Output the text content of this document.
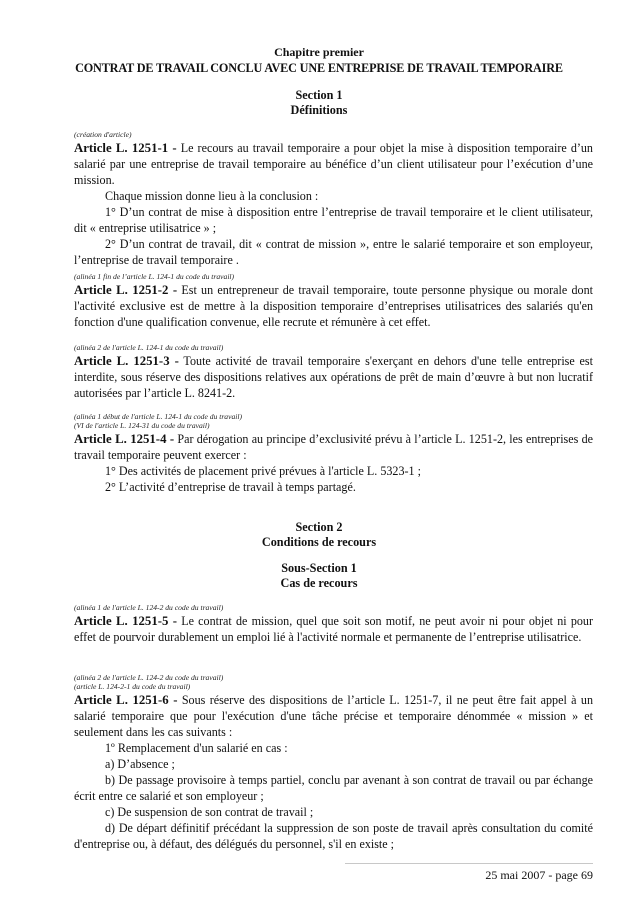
Chapitre premier
CONTRAT DE TRAVAIL CONCLU AVEC UNE ENTREPRISE DE TRAVAIL TEMPORAIRE
Section 1
Définitions
(création d'article)

Article L. 1251-1 - Le recours au travail temporaire a pour objet la mise à disposition temporaire d’un salarié par une entreprise de travail temporaire au bénéfice d’un client utilisateur pour l’exécution d’une mission.

Chaque mission donne lieu à la conclusion :

1° D’un contrat de mise à disposition entre l’entreprise de travail temporaire et le client utilisateur, dit « entreprise utilisatrice » ;

2° D’un contrat de travail, dit « contrat de mission », entre le salarié temporaire et son employeur, l’entreprise de travail temporaire .

(alinéa 1 fin de l’article L. 124-1 du code du travail)

Article L. 1251-2 - Est un entrepreneur de travail temporaire, toute personne physique ou morale dont l'activité exclusive est de mettre à la disposition temporaire d’entreprises utilisatrices des salariés qu'en fonction d'une qualification convenue, elle recrute et rémunère à cet effet.

(alinéa 2 de l'article L. 124-1 du code du travail)

Article L. 1251-3 - Toute activité de travail temporaire s'exerçant en dehors d'une telle entreprise est interdite, sous réserve des dispositions relatives aux opérations de prêt de main d’œuvre à but non lucratif autorisées par l’article L. 8241-2.

(alinéa 1 début de l'article L. 124-1 du code du travail)
(VI de l'article L. 124-31 du code du travail)

Article L. 1251-4 - Par dérogation au principe d’exclusivité prévu à l’article L. 1251-2, les entreprises de travail temporaire peuvent exercer :

1° Des activités de placement privé prévues à l'article L. 5323-1 ;

2° L’activité d’entreprise de travail à temps partagé.

Section 2
Conditions de recours
Sous-Section 1
Cas de recours
(alinéa 1 de l'article L. 124-2 du code du travail)

Article L. 1251-5 - Le contrat de mission, quel que soit son motif, ne peut avoir ni pour objet ni pour effet de pourvoir durablement un emploi lié à l'activité normale et permanente de l’entreprise utilisatrice.

(alinéa 2 de l'article L. 124-2 du code du travail)
(article L. 124-2-1 du code du travail)

Article L. 1251-6 - Sous réserve des dispositions de l’article L. 1251-7, il ne peut être fait appel à un salarié temporaire que pour l'exécution d'une tâche précise et temporaire dénommée « mission » et seulement dans les cas suivants :

1º Remplacement d'un salarié en cas :

a) D’absence ;

b) De passage provisoire à temps partiel, conclu par avenant à son contrat de travail ou par échange écrit entre ce salarié et son employeur ;

c) De suspension de son contrat de travail ;

d) De départ définitif précédant la suppression de son poste de travail après consultation du comité d'entreprise ou, à défaut, des délégués du personnel, s'il en existe ;

25 mai 2007 - page 69
